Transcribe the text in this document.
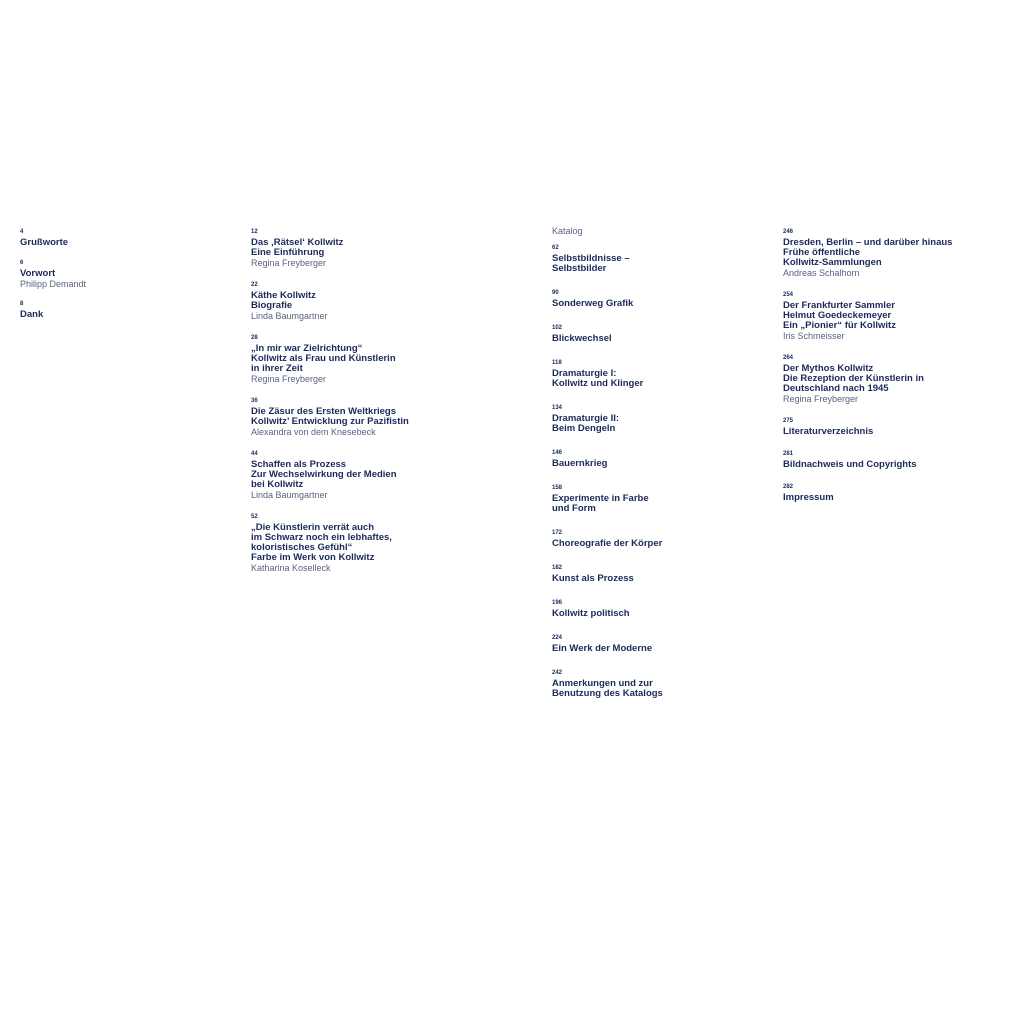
4
Grußworte
6
Vorwort
Philipp Demandt
8
Dank
12
Das ‚Rätsel‘ Kollwitz
Eine Einführung
Regina Freyberger
22
Käthe Kollwitz
Biografie
Linda Baumgartner
28
„In mir war Zielrichtung“
Kollwitz als Frau und Künstlerin
in ihrer Zeit
Regina Freyberger
36
Die Zäsur des Ersten Weltkriegs
Kollwitz’ Entwicklung zur Pazifistin
Alexandra von dem Knesebeck
44
Schaffen als Prozess
Zur Wechselwirkung der Medien
bei Kollwitz
Linda Baumgartner
52
„Die Künstlerin verrät auch
im Schwarz noch ein lebhaftes,
koloristisches Gefühl“
Farbe im Werk von Kollwitz
Katharina Koselleck
Katalog
62
Selbstbildnisse –
Selbstbilder
90
Sonderweg Grafik
102
Blickwechsel
118
Dramaturgie I:
Kollwitz und Klinger
134
Dramaturgie II:
Beim Dengeln
146
Bauernkrieg
158
Experimente in Farbe
und Form
172
Choreografie der Körper
182
Kunst als Prozess
196
Kollwitz politisch
224
Ein Werk der Moderne
242
Anmerkungen und zur
Benutzung des Katalogs
246
Dresden, Berlin – und darüber hinaus
Frühe öffentliche
Kollwitz-Sammlungen
Andreas Schalhorn
254
Der Frankfurter Sammler
Helmut Goedeckemeyer
Ein „Pionier“ für Kollwitz
Iris Schmeisser
264
Der Mythos Kollwitz
Die Rezeption der Künstlerin in
Deutschland nach 1945
Regina Freyberger
275
Literaturverzeichnis
281
Bildnachweis und Copyrights
282
Impressum
